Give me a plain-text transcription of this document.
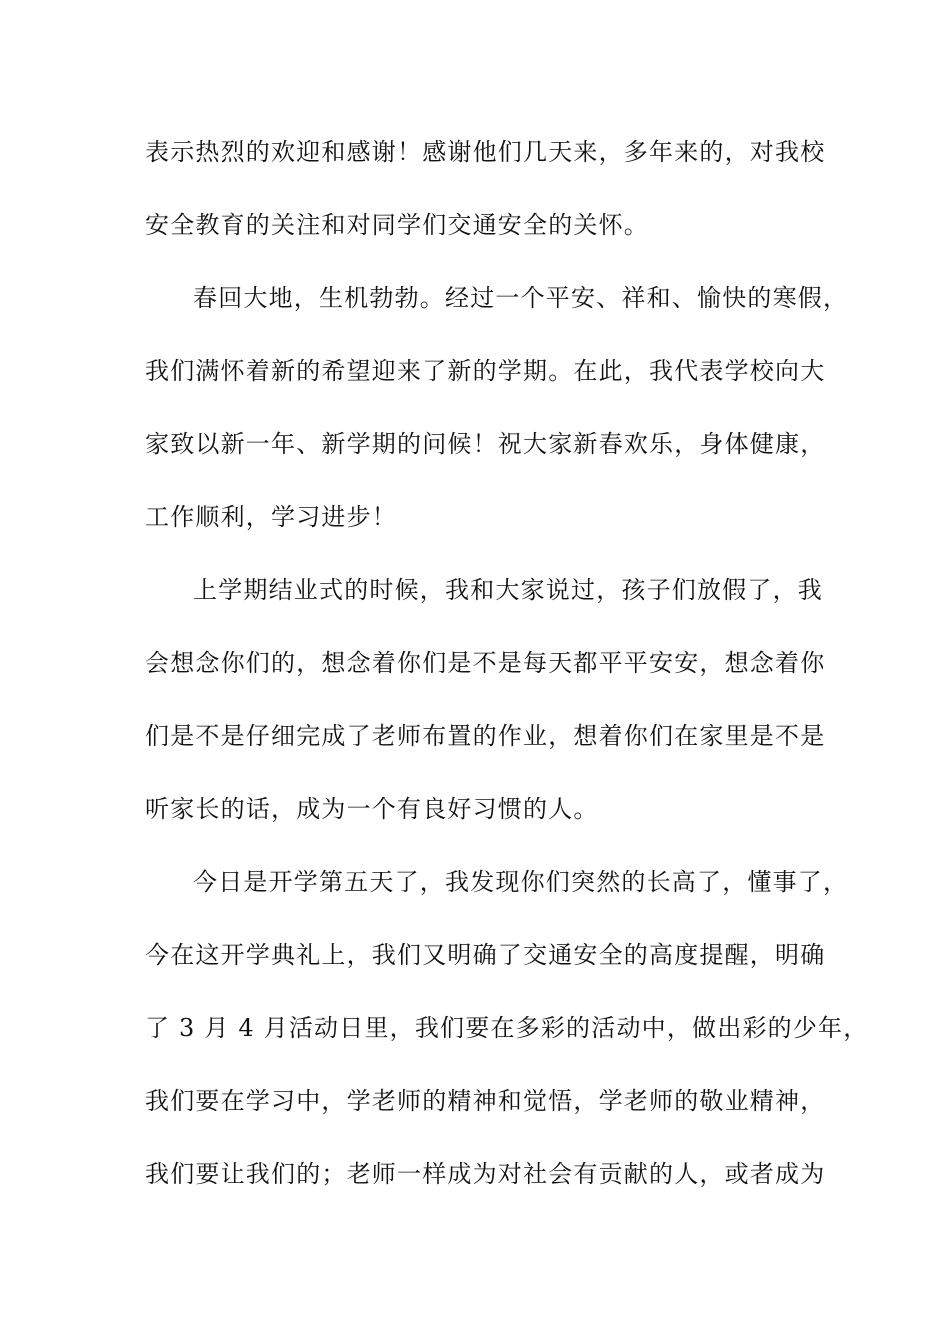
表示热烈的欢迎和感谢！感谢他们几天来，多年来的，对我校
安全教育的关注和对同学们交通安全的关怀。
春回大地，生机勃勃。经过一个平安、祥和、愉快的寒假，
我们满怀着新的希望迎来了新的学期。在此，我代表学校向大
家致以新一年、新学期的问候！祝大家新春欢乐，身体健康，
工作顺利，学习进步！
上学期结业式的时候，我和大家说过，孩子们放假了，我
会想念你们的，想念着你们是不是每天都平平安安，想念着你
们是不是仔细完成了老师布置的作业，想着你们在家里是不是
听家长的话，成为一个有良好习惯的人。
今日是开学第五天了，我发现你们突然的长高了，懂事了，
今在这开学典礼上，我们又明确了交通安全的高度提醒，明确
了 3 月 4 月活动日里，我们要在多彩的活动中，做出彩的少年，
我们要在学习中，学老师的精神和觉悟，学老师的敬业精神，
我们要让我们的；老师一样成为对社会有贡献的人，或者成为
